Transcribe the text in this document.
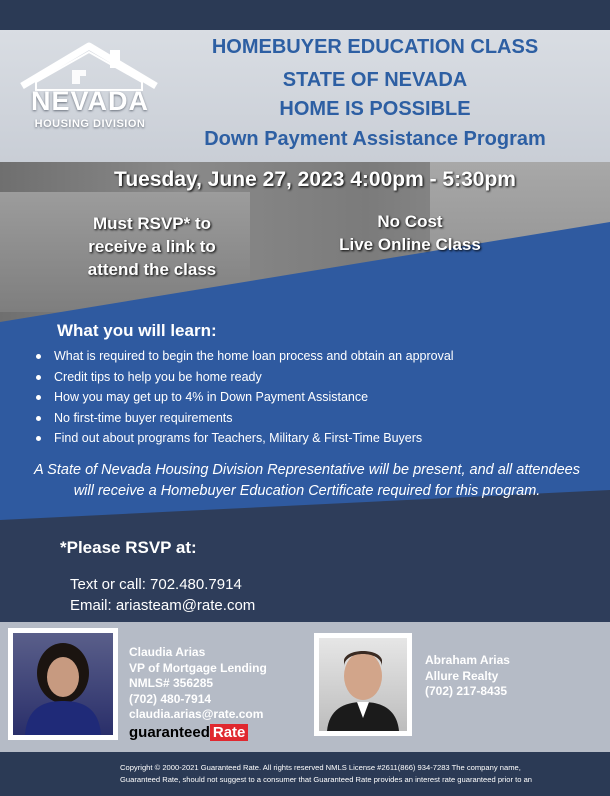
NEVADA
HOUSING DIVISION
HOMEBUYER EDUCATION CLASS
STATE OF NEVADA
HOME IS POSSIBLE
Down Payment Assistance Program
Tuesday, June 27, 2023 4:00pm - 5:30pm
Must RSVP* to
receive a link to
attend the class
No Cost
Live Online Class
What you will learn:
What is required to begin the home loan process and obtain an approval
Credit tips to help you be home ready
How you may get up to 4% in Down Payment Assistance
No first-time buyer requirements
Find out about programs for Teachers, Military & First-Time Buyers
A State of Nevada Housing Division Representative will be present, and all attendees will receive a Homebuyer Education Certificate required for this program.
*Please RSVP at:
Text or call: 702.480.7914
Email: ariasteam@rate.com
Claudia Arias
VP of Mortgage Lending
NMLS# 356285
(702) 480-7914
claudia.arias@rate.com
guaranteed Rate
Abraham Arias
Allure Realty
(702) 217-8435
Copyright © 2000-2021 Guaranteed Rate. All rights reserved NMLS License #2611(866) 934-7283 The company name,
Guaranteed Rate, should not suggest to a consumer that Guaranteed Rate provides an interest rate guaranteed prior to an
